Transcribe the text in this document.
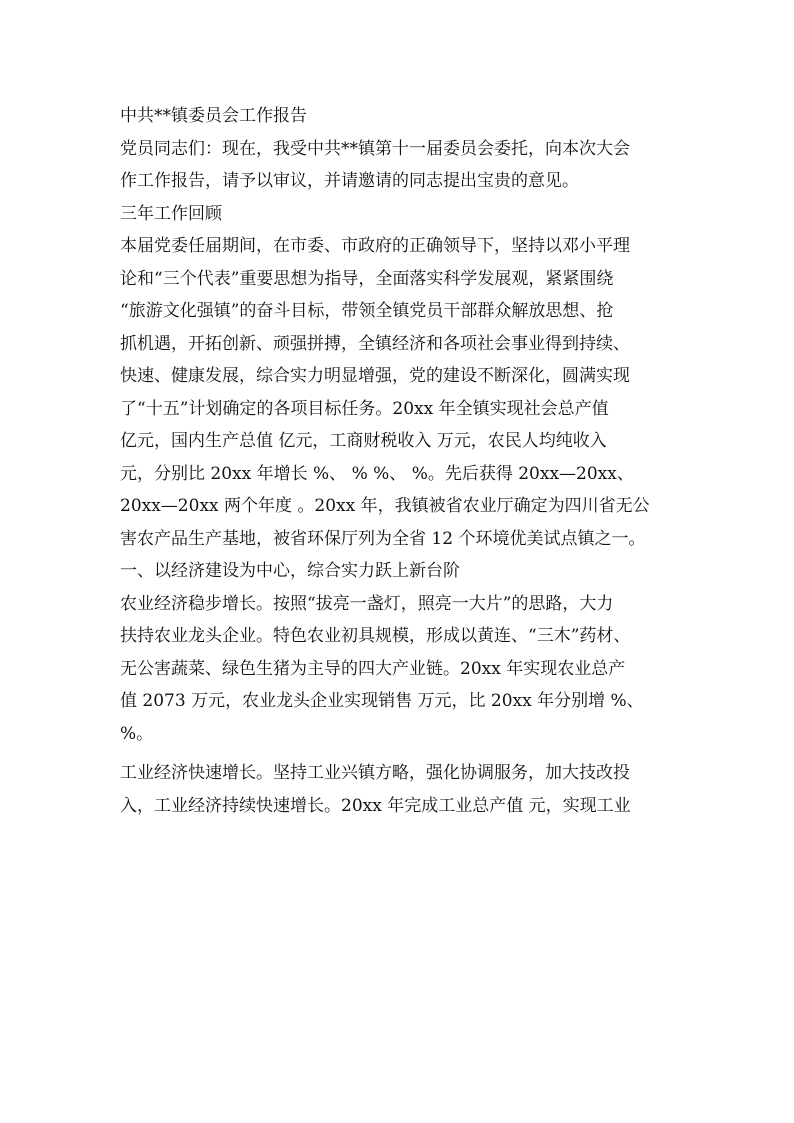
中共**镇委员会工作报告

党员同志们：现在，我受中共**镇第十一届委员会委托，向本次大会
作工作报告，请予以审议，并请邀请的同志提出宝贵的意见。

三年工作回顾

本届党委任届期间，在市委、市政府的正确领导下，坚持以邓小平理
论和“三个代表”重要思想为指导，全面落实科学发展观，紧紧围绕
“旅游文化强镇”的奋斗目标，带领全镇党员干部群众解放思想、抢
抓机遇，开拓创新、顽强拼搏，全镇经济和各项社会事业得到持续、
快速、健康发展，综合实力明显增强，党的建设不断深化，圆满实现
了“十五”计划确定的各项目标任务。20xx 年全镇实现社会总产值
亿元，国内生产总值 亿元，工商财税收入 万元，农民人均纯收入
元，分别比 20xx 年增长 %、 % %、 %。先后获得 20xx—20xx、
20xx—20xx 两个年度 。20xx 年，我镇被省农业厅确定为四川省无公
害农产品生产基地，被省环保厅列为全省 12 个环境优美试点镇之一。

一、以经济建设为中心，综合实力跃上新台阶

农业经济稳步增长。按照“拔亮一盏灯，照亮一大片”的思路，大力
扶持农业龙头企业。特色农业初具规模，形成以黄连、“三木”药材、
无公害蔬菜、绿色生猪为主导的四大产业链。20xx 年实现农业总产
值 2073 万元，农业龙头企业实现销售 万元，比 20xx 年分别增 %、
%。

工业经济快速增长。坚持工业兴镇方略，强化协调服务，加大技改投
入，工业经济持续快速增长。20xx 年完成工业总产值 元，实现工业
